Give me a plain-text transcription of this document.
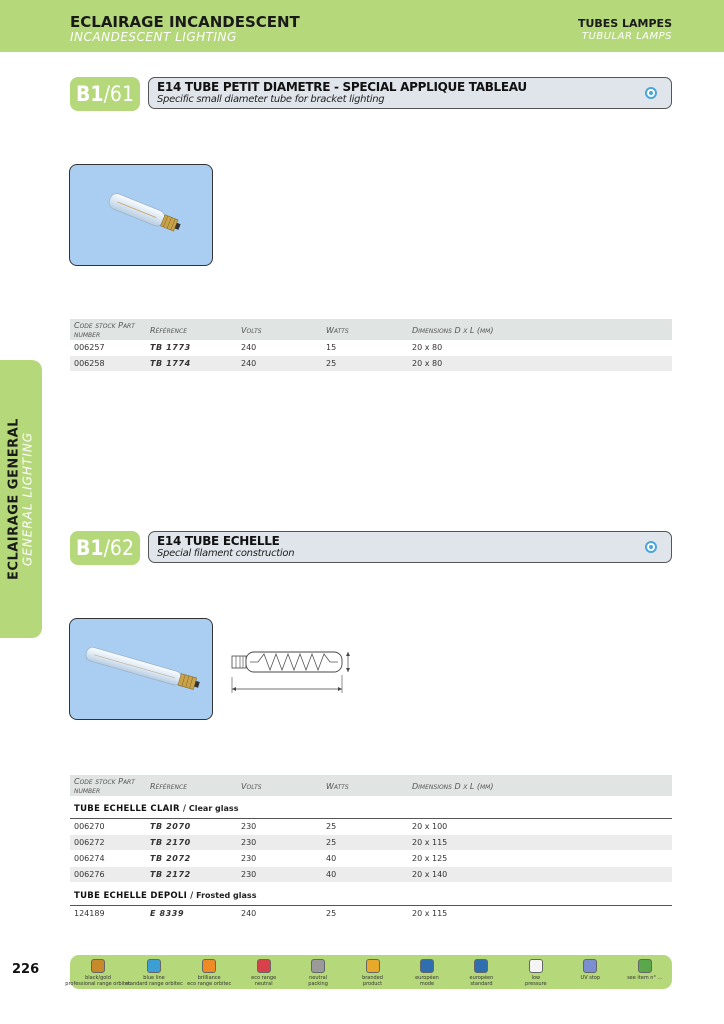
ECLAIRAGE INCANDESCENT
INCANDESCENT LIGHTING
TUBES LAMPES
TUBULAR LAMPS
ECLAIRAGE GENERAL GENERAL LIGHTING
B1 /61 E14 TUBE PETIT DIAMETRE - SPECIAL APPLIQUE TABLEAU
Specific small diameter tube for bracket lighting
Code stock Part number	Référence	Volts	Watts	Dimensions D x L (mm)
006257	TB 1773	240	15	20 x 80
006258	TB 1774	240	25	20 x 80
B1 /62 E14 TUBE ECHELLE
Special filament construction
Code stock Part number	Référence	Volts	Watts	Dimensions D x L (mm)
TUBE ECHELLE CLAIR / Clear glass				
006270	TB 2070	230	25	20 x 100
006272	TB 2170	230	25	20 x 115
006274	TB 2072	230	40	20 x 125
006276	TB 2172	230	40	20 x 140
TUBE ECHELLE DEPOLI / Frosted glass				
124189	E 8339	240	25	20 x 115
226
black/gold
professional range orbitec
blue line
standard range orbitec
brilliance
eco range orbitec
eco range
neutral
neutral
packing
branded
product
européen
mode
européen
standard
low
pressure
UV stop	see item n° ...
